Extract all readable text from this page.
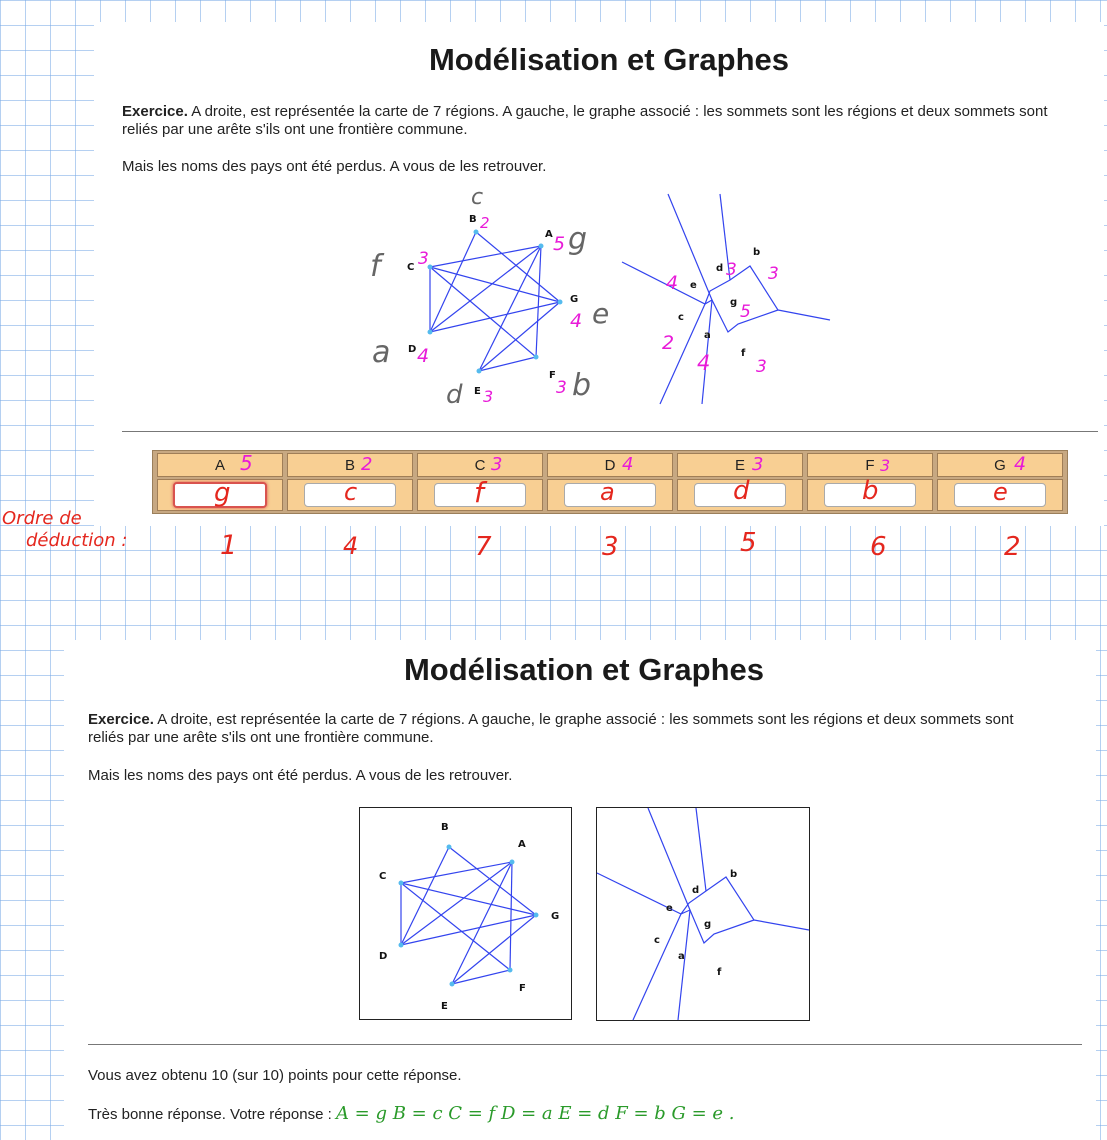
Modélisation et Graphes
Exercice. A droite, est représentée la carte de 7 régions. A gauche, le graphe associé : les sommets sont les régions et deux sommets sont reliés par une arête s'ils ont une frontière commune.
Mais les noms des pays ont été perdus. A vous de les retrouver.
A
B
C
D
E
F
G
b
d
e
g
c
a
f
A 5	B 2	C 3	D 4	E 3	F 3	G 4

g	c	f	a	d	b	e
c
2
5 g
f 3
4 e
a 4
3 b
d 3
4
3 3
5
2
4	3
Ordre de
déduction :	1	4	7	3	5	6	2
Modélisation et Graphes
Exercice. A droite, est représentée la carte de 7 régions. A gauche, le graphe associé : les sommets sont les régions et deux sommets sont reliés par une arête s'ils ont une frontière commune.
Mais les noms des pays ont été perdus. A vous de les retrouver.
A
B
C
D
E
F
G
b
d
e
g
c
a
f
Vous avez obtenu 10 (sur 10) points pour cette réponse.
Très bonne réponse. Votre réponse : A = g B = c C = f D = a E = d F = b G = e .
